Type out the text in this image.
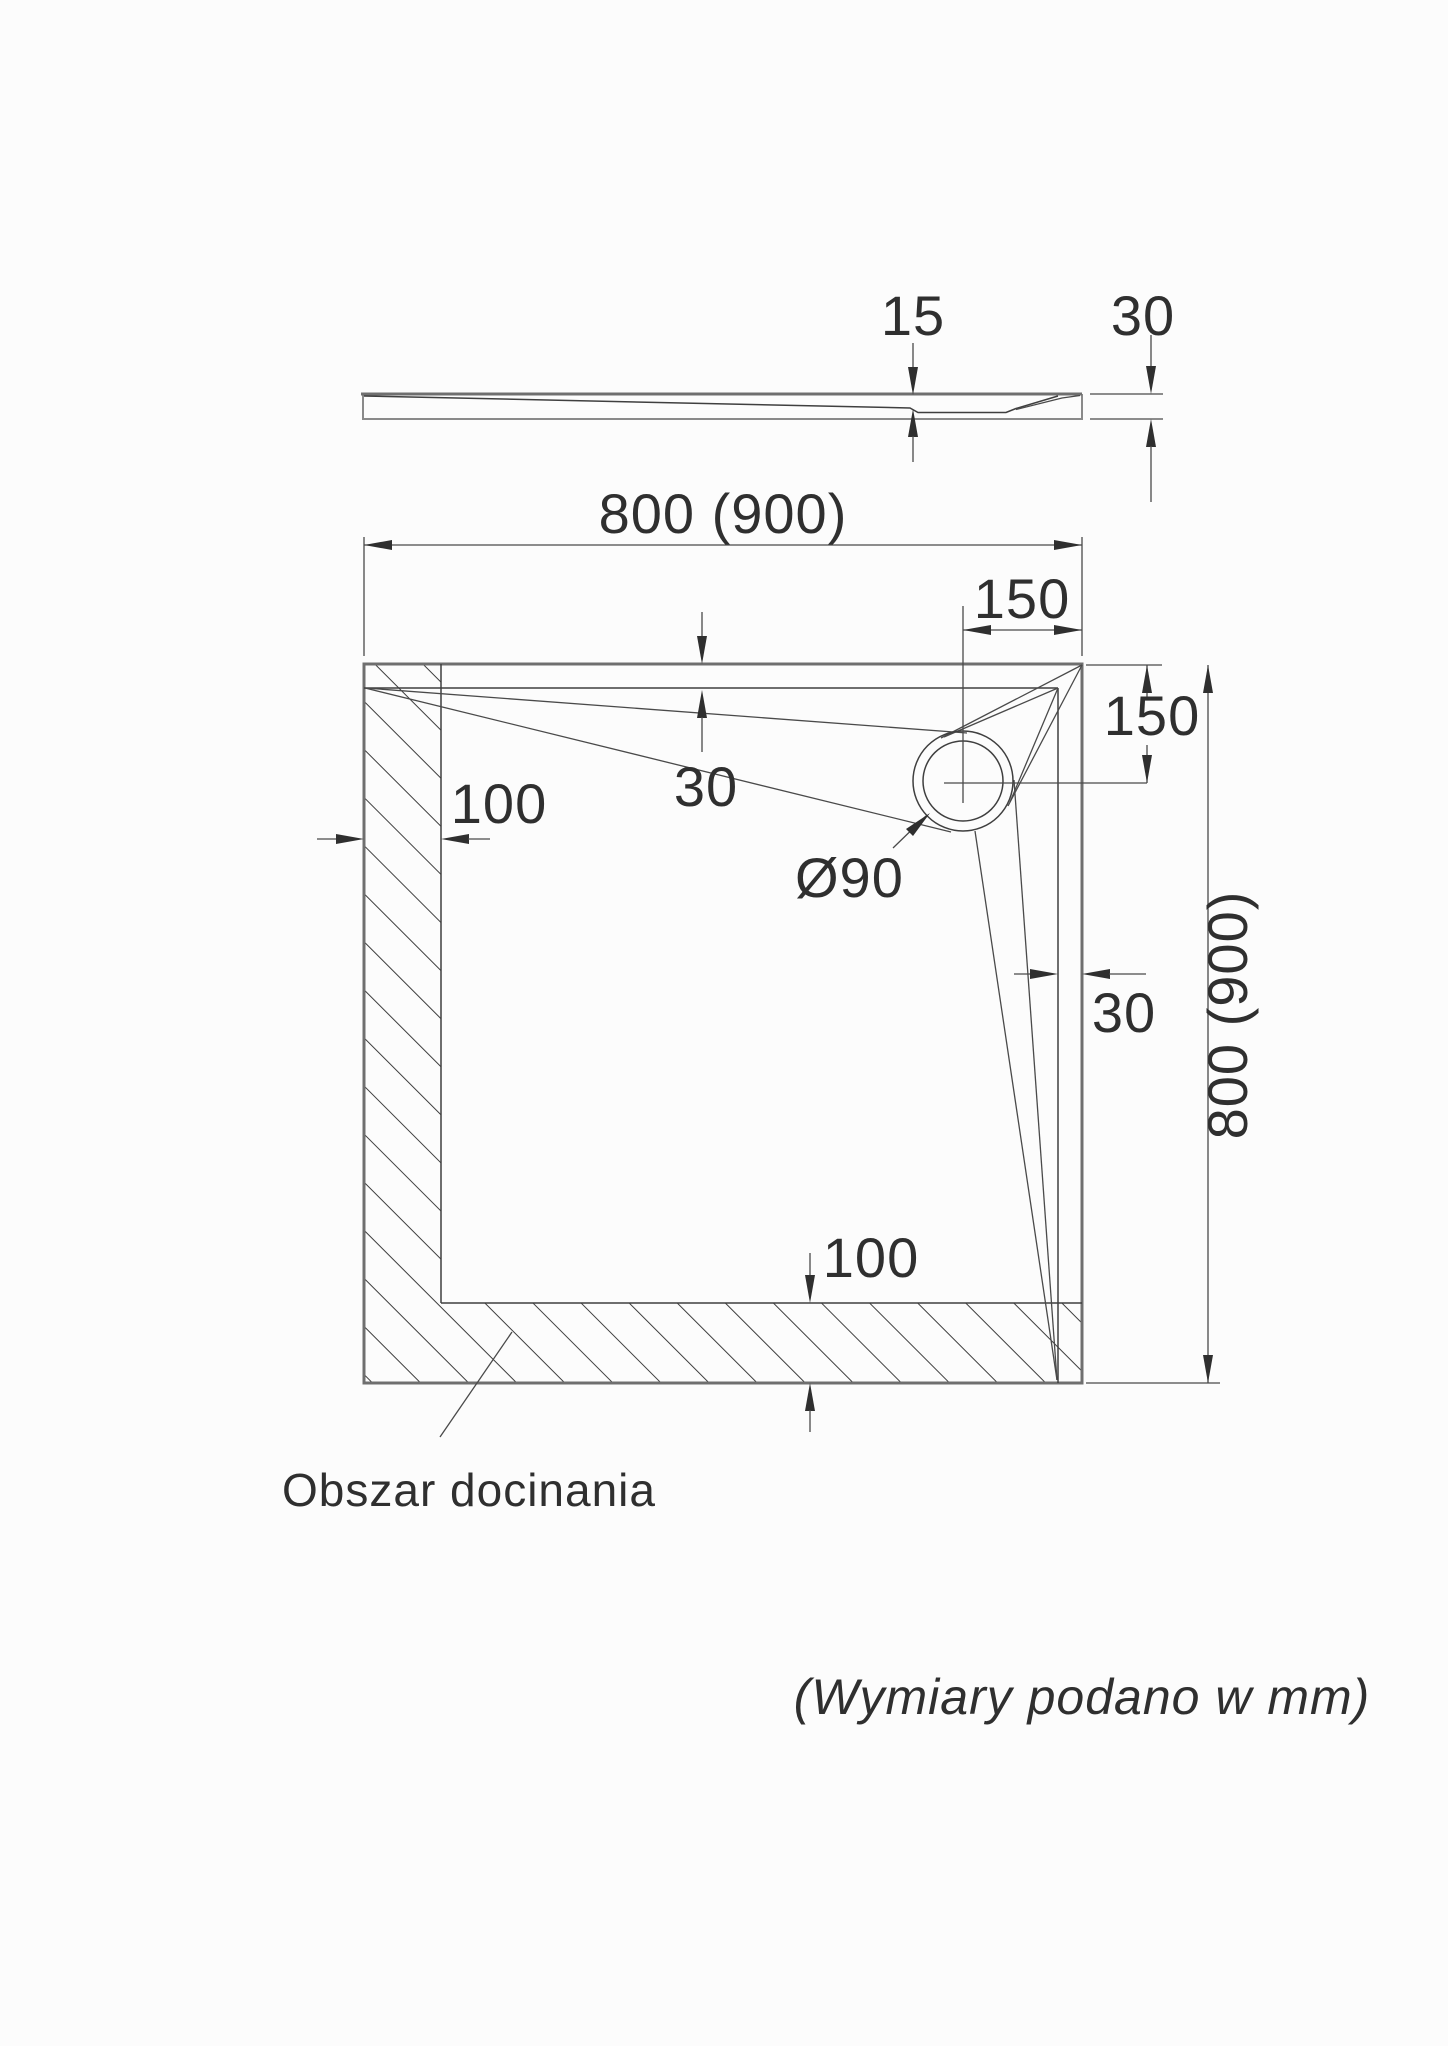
15	30
800 (900)
150
150
30
30
100
100
800 (900)
Ø90
Obszar docinania
(Wymiary podano w mm)
